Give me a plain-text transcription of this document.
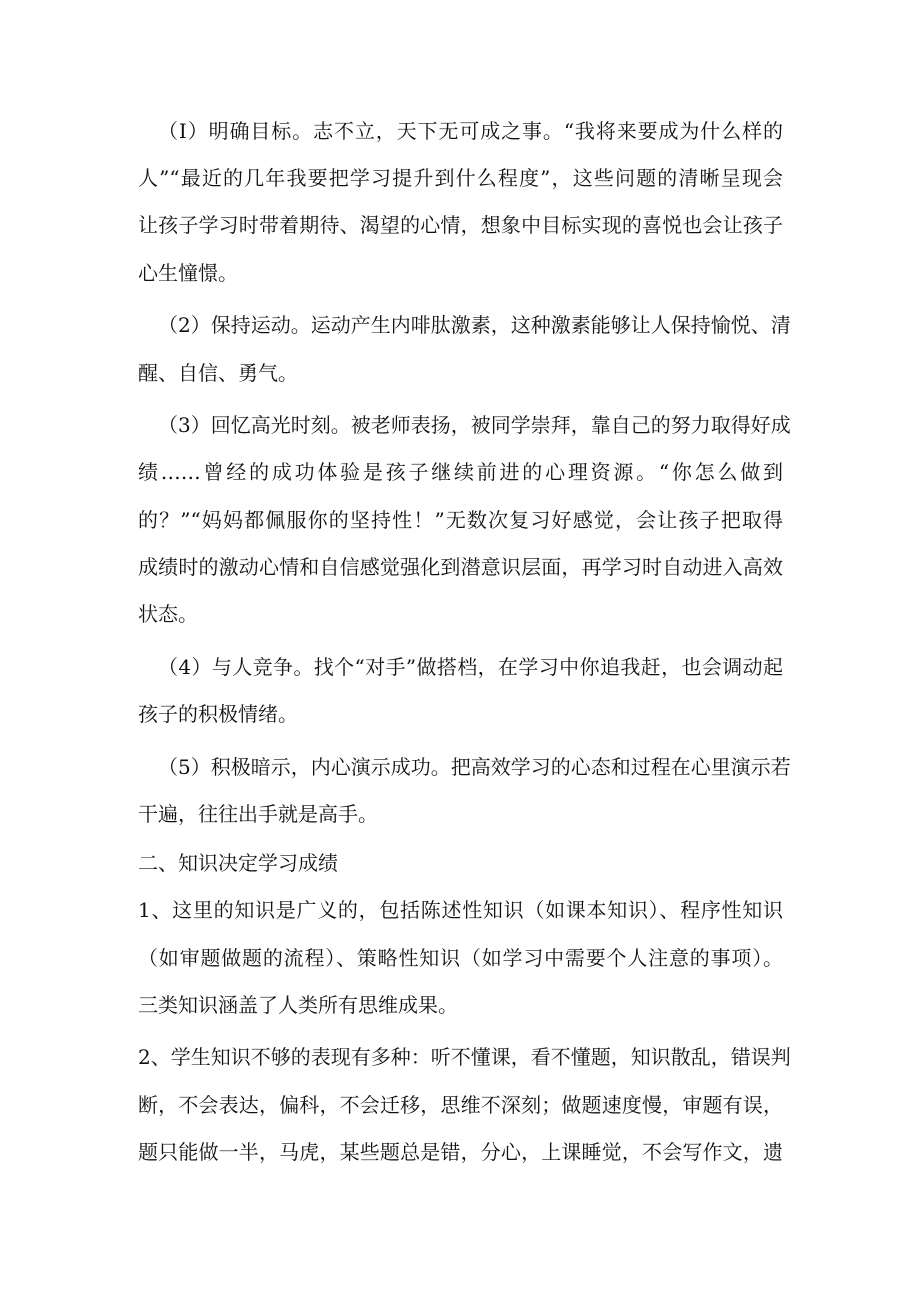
（I）明确目标。志不立，天下无可成之事。“我将来要成为什么样的
人”“最近的几年我要把学习提升到什么程度”，这些问题的清晰呈现会
让孩子学习时带着期待、渴望的心情，想象中目标实现的喜悦也会让孩子
心生憧憬。
（2）保持运动。运动产生内啡肽激素，这种激素能够让人保持愉悦、清
醒、自信、勇气。
（3）回忆高光时刻。被老师表扬，被同学崇拜，靠自己的努力取得好成
绩……曾经的成功体验是孩子继续前进的心理资源。“你怎么做到
的？”“妈妈都佩服你的坚持性！”无数次复习好感觉，会让孩子把取得
成绩时的激动心情和自信感觉强化到潜意识层面，再学习时自动进入高效
状态。
（4）与人竞争。找个“对手”做搭档，在学习中你追我赶，也会调动起
孩子的积极情绪。
（5）积极暗示，内心演示成功。把高效学习的心态和过程在心里演示若
干遍，往往出手就是高手。
二、知识决定学习成绩
1、这里的知识是广义的，包括陈述性知识（如课本知识）、程序性知识
（如审题做题的流程）、策略性知识（如学习中需要个人注意的事项）。
三类知识涵盖了人类所有思维成果。
2、学生知识不够的表现有多种：听不懂课，看不懂题，知识散乱，错误判
断，不会表达，偏科，不会迁移，思维不深刻；做题速度慢，审题有误，
题只能做一半，马虎，某些题总是错，分心，上课睡觉，不会写作文，遗
